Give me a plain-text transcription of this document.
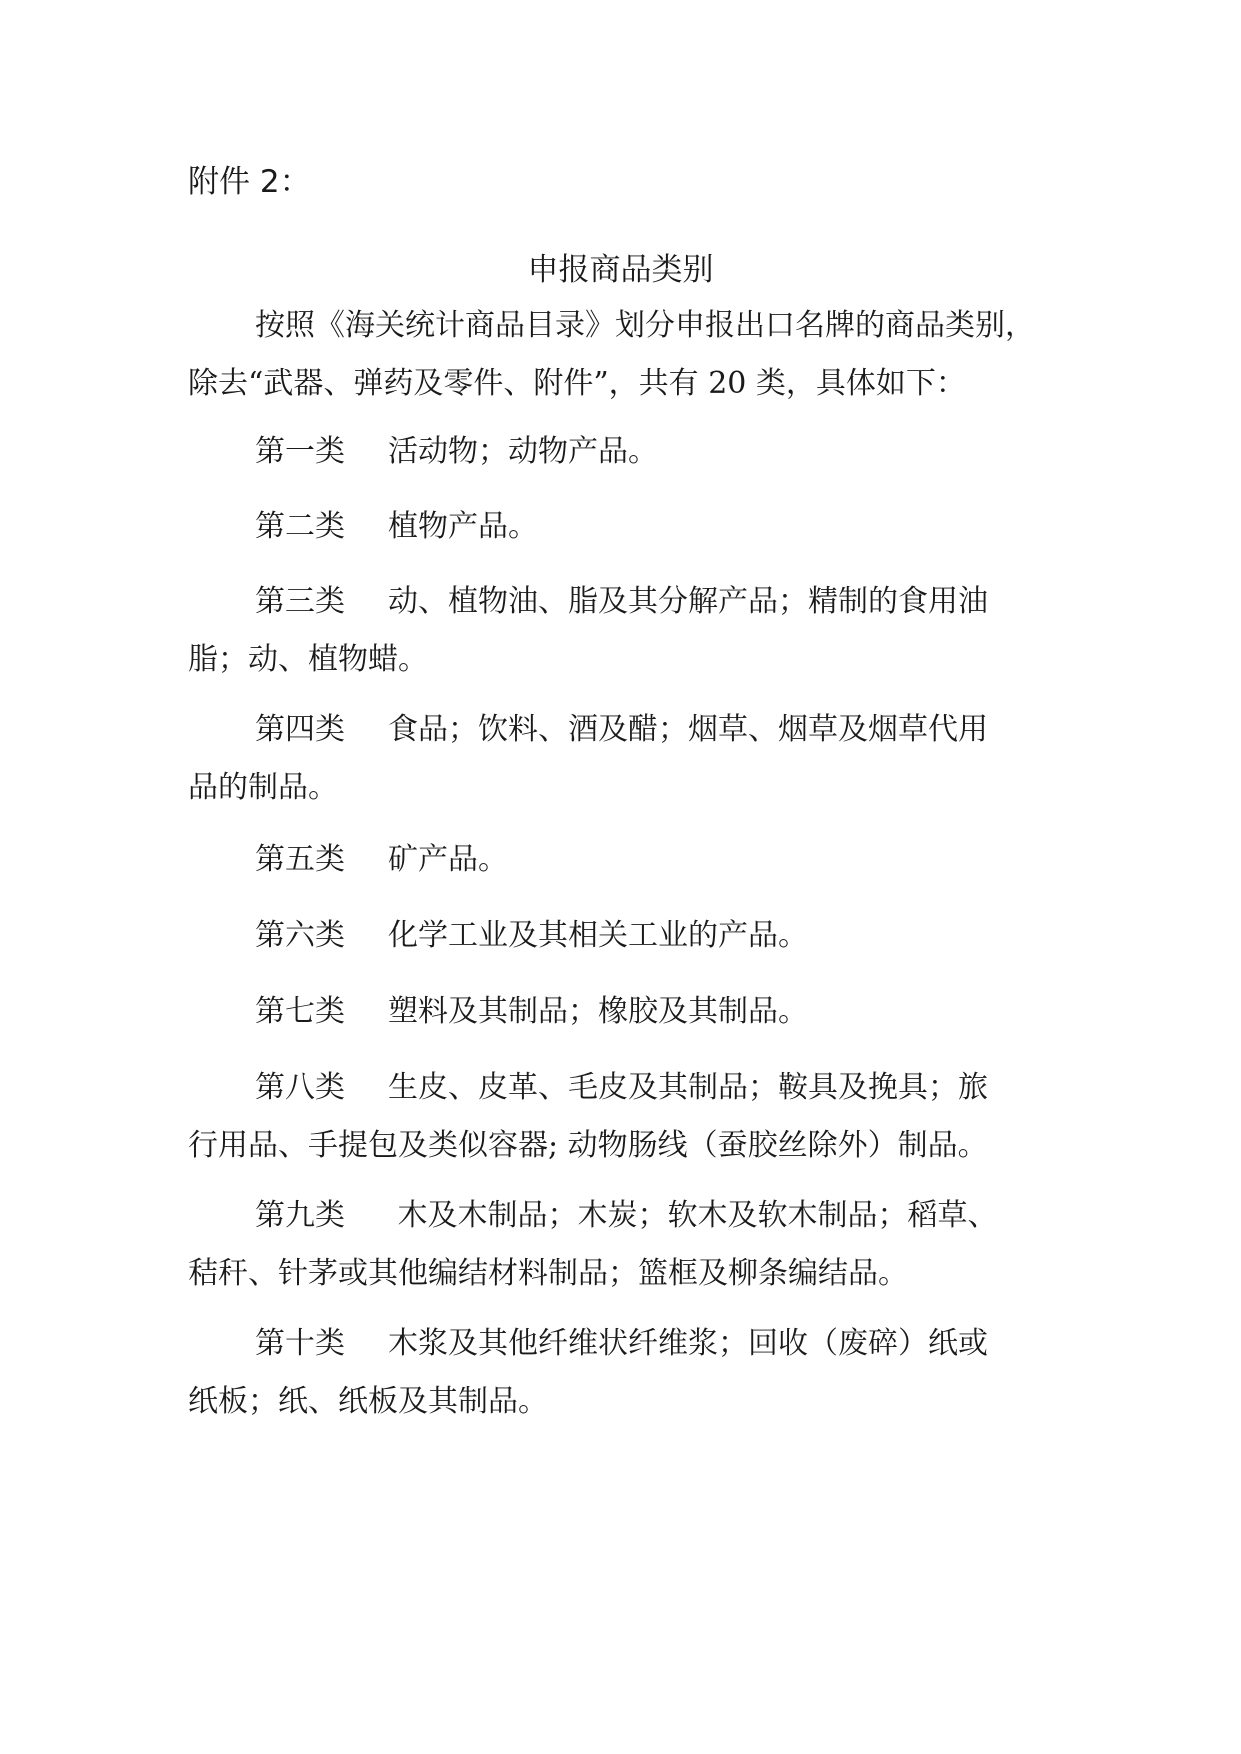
附件 2：
申报商品类别
按照《海关统计商品目录》划分申报出口名牌的商品类别，
除去“武器、弹药及零件、附件”，共有 20 类，具体如下：
第一类 活动物；动物产品。
第二类 植物产品。
第三类 动、植物油、脂及其分解产品；精制的食用油
脂；动、植物蜡。
第四类 食品；饮料、酒及醋；烟草、烟草及烟草代用
品的制品。
第五类 矿产品。
第六类 化学工业及其相关工业的产品。
第七类 塑料及其制品；橡胶及其制品。
第八类 生皮、皮革、毛皮及其制品；鞍具及挽具；旅
行用品、手提包及类似容器; 动物肠线（蚕胶丝除外）制品。
第九类 木及木制品；木炭；软木及软木制品；稻草、
秸秆、针茅或其他编结材料制品；篮框及柳条编结品。
第十类 木浆及其他纤维状纤维浆；回收（废碎）纸或
纸板；纸、纸板及其制品。
